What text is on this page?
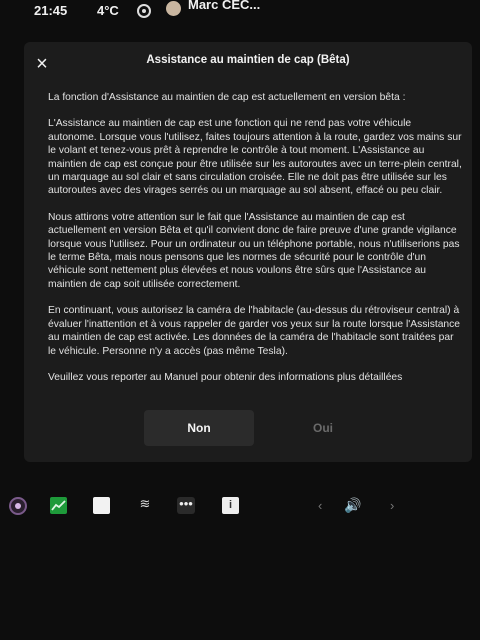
21:45 4°C	Marc CEC...
×	Assistance au maintien de cap (Bêta)

La fonction d'Assistance au maintien de cap est actuellement en version bêta :

L'Assistance au maintien de cap est une fonction qui ne rend pas votre véhicule autonome. Lorsque vous l'utilisez, faites toujours attention à la route, gardez vos mains sur le volant et tenez-vous prêt à reprendre le contrôle à tout moment. L'Assistance au maintien de cap est conçue pour être utilisée sur les autoroutes avec un terre-plein central, un marquage au sol clair et sans circulation croisée. Elle ne doit pas être utilisée sur les autoroutes avec des virages serrés ou un marquage au sol absent, effacé ou peu clair.

Nous attirons votre attention sur le fait que l'Assistance au maintien de cap est actuellement en version Bêta et qu'il convient donc de faire preuve d'une grande vigilance lorsque vous l'utilisez. Pour un ordinateur ou un téléphone portable, nous n'utiliserions pas le terme Bêta, mais nous pensons que les normes de sécurité pour le contrôle d'un véhicule sont nettement plus élevées et nous voulons être sûrs que l'Assistance au maintien de cap soit utilisée correctement.

En continuant, vous autorisez la caméra de l'habitacle (au-dessus du rétroviseur central) à évaluer l'inattention et à vous rappeler de garder vos yeux sur la route lorsque l'Assistance au maintien de cap est activée. Les données de la caméra de l'habitacle sont traitées par le véhicule. Personne n'y a accès (pas même Tesla).

Veuillez vous reporter au Manuel pour obtenir des informations plus détaillées

Non	Oui
≋ •••	i	‹ 🔊	›
